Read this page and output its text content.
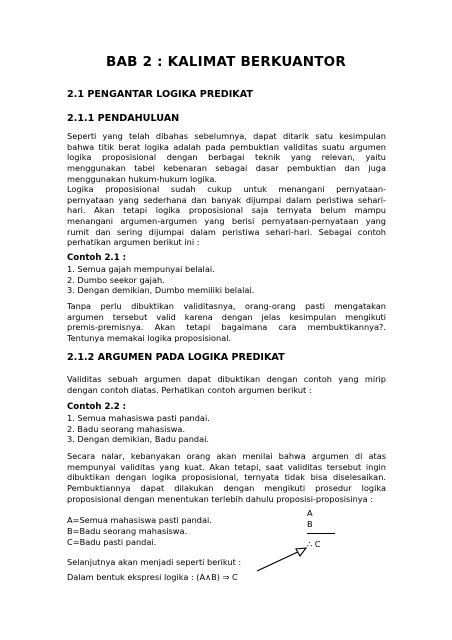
BAB 2 : KALIMAT BERKUANTOR
2.1 PENGANTAR LOGIKA PREDIKAT
2.1.1 PENDAHULUAN
Seperti yang telah dibahas sebelumnya, dapat ditarik satu kesimpulan
bahwa titik berat logika adalah pada pembuktian validitas suatu argumen
logika proposisional dengan berbagai teknik yang relevan, yaitu
menggunakan tabel kebenaran sebagai dasar pembuktian dan juga
menggunakan hukum-hukum logika.
Logika proposisional sudah cukup untuk menangani pernyataan-
pernyataan yang sederhana dan banyak dijumpai dalam peristiwa sehari-
hari. Akan tetapi logika proposisional saja ternyata belum mampu
menangani argumen-argumen yang berisi pernyataan-pernyataan yang
rumit dan sering dijumpai dalam peristiwa sehari-hari. Sebagai contoh
perhatikan argumen berikut ini :
Contoh 2.1 :
1. Semua gajah mempunyai belalai.
2. Dumbo seekor gajah.
3. Dengan demikian, Dumbo memiliki belalai.
Tanpa perlu dibuktikan validitasnya, orang-orang pasti mengatakan
argumen tersebut valid karena dengan jelas kesimpulan mengikuti
premis-premisnya. Akan tetapi bagaimana cara membuktikannya?.
Tentunya memakai logika proposisional.
2.1.2 ARGUMEN PADA LOGIKA PREDIKAT
Validitas sebuah argumen dapat dibuktikan dengan contoh yang mirip
dengan contoh diatas. Perhatikan contoh argumen berikut :
Contoh 2.2 :
1. Semua mahasiswa pasti pandai.
2. Badu seorang mahasiswa.
3. Dengan demikian, Badu pandai.
Secara nalar, kebanyakan orang akan menilai bahwa argumen di atas
mempunyai validitas yang kuat. Akan tetapi, saat validitas tersebut ingin
dibuktikan dengan logika proposisional, ternyata tidak bisa diselesaikan.
Pembuktiannya dapat dilakukan dengan mengikuti prosedur logika
proposisional dengan menentukan terlebih dahulu proposisi-proposisinya :
A=Semua mahasiswa pasti pandai.
B=Badu seorang mahasiswa.
C=Badu pasti pandai.
A
B
∴ C
Selanjutnya akan menjadi seperti berikut :
Dalam bentuk ekspresi logika : (A∧B) ⇒ C
